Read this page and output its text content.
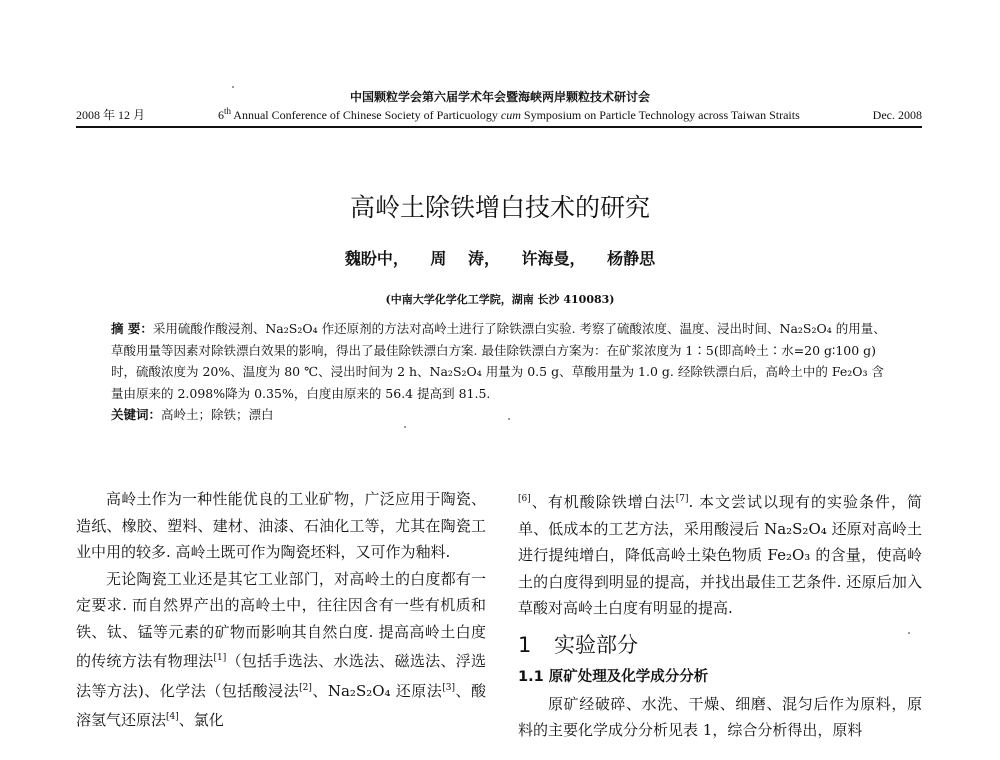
中国颗粒学会第六届学术年会暨海峡两岸颗粒技术研讨会
2008 年 12 月	6th Annual Conference of Chinese Society of Particuology cum Symposium on Particle Technology across Taiwan Straits	Dec. 2008
高岭土除铁增白技术的研究
魏盼中， 周 涛， 许海曼， 杨静思
(中南大学化学化工学院，湖南 长沙 410083)
摘 要：采用硫酸作酸浸剂、Na₂S₂O₄ 作还原剂的方法对高岭土进行了除铁漂白实验. 考察了硫酸浓度、温度、浸出时间、Na₂S₂O₄ 的用量、草酸用量等因素对除铁漂白效果的影响，得出了最佳除铁漂白方案. 最佳除铁漂白方案为：在矿浆浓度为 1∶5(即高岭土∶水=20 g∶100 g)时，硫酸浓度为 20%、温度为 80 ℃、浸出时间为 2 h、Na₂S₂O₄ 用量为 0.5 g、草酸用量为 1.0 g. 经除铁漂白后，高岭土中的 Fe₂O₃ 含量由原来的 2.098%降为 0.35%，白度由原来的 56.4 提高到 81.5.
关键词：高岭土；除铁；漂白

高岭土作为一种性能优良的工业矿物，广泛应用于陶瓷、造纸、橡胶、塑料、建材、油漆、石油化工等，尤其在陶瓷工业中用的较多. 高岭土既可作为陶瓷坯料，又可作为釉料.

无论陶瓷工业还是其它工业部门，对高岭土的白度都有一定要求. 而自然界产出的高岭土中，往往因含有一些有机质和铁、钛、锰等元素的矿物而影响其自然白度. 提高高岭土白度的传统方法有物理法[1]（包括手选法、水选法、磁选法、浮选法等方法)、化学法（包括酸浸法[2]、Na₂S₂O₄ 还原法[3]、酸溶氢气还原法[4]、氯化

[6]、有机酸除铁增白法[7]. 本文尝试以现有的实验条件，简单、低成本的工艺方法，采用酸浸后 Na₂S₂O₄ 还原对高岭土进行提纯增白，降低高岭土染色物质 Fe₂O₃ 的含量，使高岭土的白度得到明显的提高，并找出最佳工艺条件. 还原后加入草酸对高岭土白度有明显的提高.

1 实验部分
1.1 原矿处理及化学成分分析

原矿经破碎、水洗、干燥、细磨、混匀后作为原料，原料的主要化学成分分析见表 1，综合分析得出，原料
